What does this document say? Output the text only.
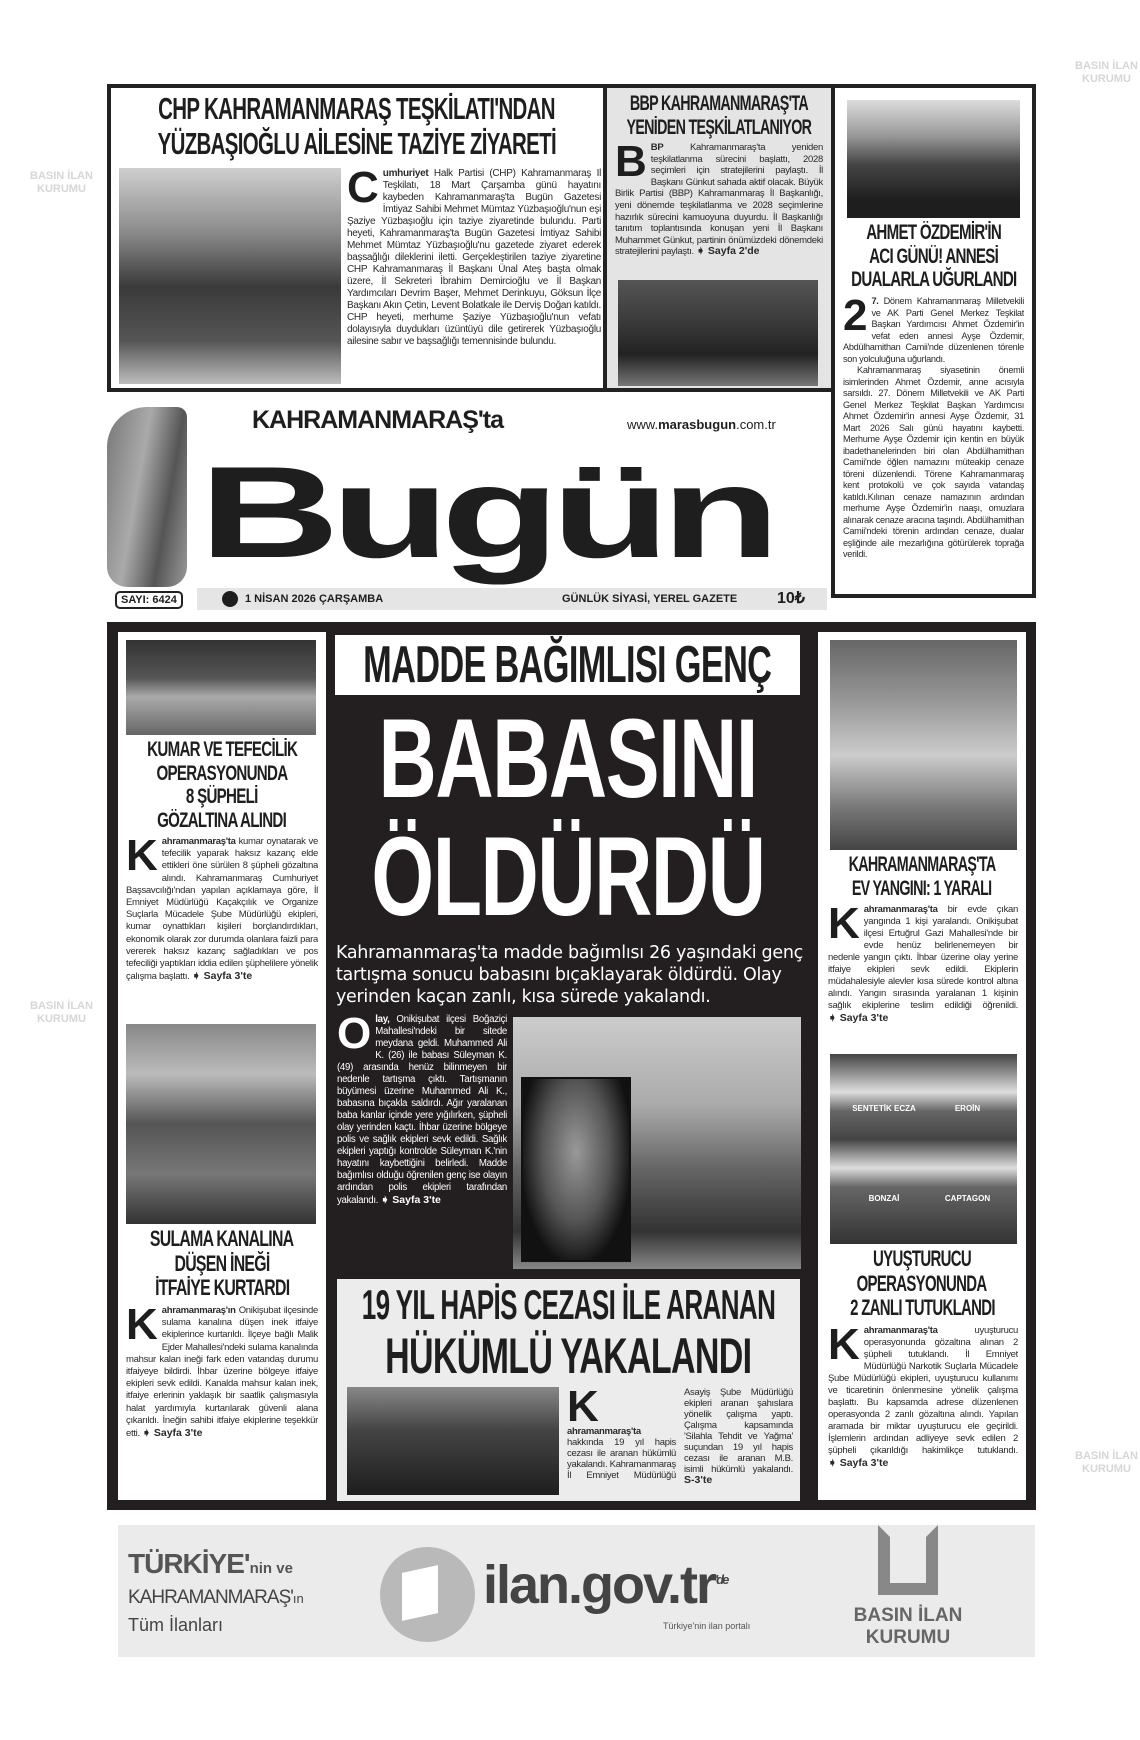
BASIN İLAN
KURUMU
BASIN İLAN
KURUMU
BASIN İLAN
KURUMU
BASIN İLAN
KURUMU
CHP KAHRAMANMARAŞ TEŞKİLATI'NDAN
YÜZBAŞIOĞLU AİLESİNE TAZİYE ZİYARETİ
Cumhuriyet Halk Partisi (CHP) Kahramanmaraş İl Teşkilatı, 18 Mart Çarşamba günü hayatını kaybeden Kahramanmaraş'ta Bugün Gazetesi İmtiyaz Sahibi Mehmet Mümtaz Yüzbaşıoğlu'nun eşi Şaziye Yüzbaşıoğlu için taziye ziyaretinde bulundu. Parti heyeti, Kahramanmaraş'ta Bugün Gazetesi İmtiyaz Sahibi Mehmet Mümtaz Yüzbaşıoğlu'nu gazetede ziyaret ederek başsağlığı dileklerini iletti. Gerçekleştirilen taziye ziyaretine CHP Kahramanmaraş İl Başkanı Ünal Ateş başta olmak üzere, İl Sekreteri İbrahim Demircioğlu ve İl Başkan Yardımcıları Devrim Başer, Mehmet Derinkuyu, Göksun İlçe Başkanı Akın Çetin, Levent Bolatkale ile Derviş Doğan katıldı. CHP heyeti, merhume Şaziye Yüzbaşıoğlu'nun vefatı dolayısıyla duydukları üzüntüyü dile getirerek Yüzbaşıoğlu ailesine sabır ve başsağlığı temennisinde bulundu.
BBP KAHRAMANMARAŞ'TA
YENİDEN TEŞKİLATLANIYOR
BBP Kahramanmaraş'ta yeniden teşkilatlanma sürecini başlattı, 2028 seçimleri için stratejilerini paylaştı. İl Başkanı Günkut sahada aktif olacak. Büyük Birlik Partisi (BBP) Kahramanmaraş İl Başkanlığı, yeni dönemde teşkilatlanma ve 2028 seçimlerine hazırlık sürecini kamuoyuna duyurdu. İl Başkanlığı tanıtım toplantısında konuşan yeni İl Başkanı Muhammet Günkut, partinin önümüzdeki dönemdeki stratejilerini paylaştı. ➧ Sayfa 2'de
AHMET ÖZDEMİR'İN
ACI GÜNÜ! ANNESİ
DUALARLA UĞURLANDI
2 7. Dönem Kahramanmaraş Milletvekili ve AK Parti Genel Merkez Teşkilat Başkan Yardımcısı Ahmet Özdemir'in vefat eden annesi Ayşe Özdemir, Abdülhamithan Camii'nde düzenlenen törenle son yolculuğuna uğurlandı.
Kahramanmaraş siyasetinin önemli isimlerinden Ahmet Özdemir, anne acısıyla sarsıldı. 27. Dönem Milletvekili ve AK Parti Genel Merkez Teşkilat Başkan Yardımcısı Ahmet Özdemir'in annesi Ayşe Özdemir, 31 Mart 2026 Salı günü hayatını kaybetti. Merhume Ayşe Özdemir için kentin en büyük ibadethanelerinden biri olan Abdülhamithan Camii'nde öğlen namazını müteakip cenaze töreni düzenlendi. Törene Kahramanmaraş kent protokolü ve çok sayıda vatandaş katıldı.Kılınan cenaze namazının ardından merhume Ayşe Özdemir'in naaşı, omuzlara alınarak cenaze aracına taşındı. Abdülhamithan Camii'ndeki törenin ardından cenaze, dualar eşliğinde aile mezarlığına götürülerek toprağa verildi.
SAYI: 6424
KAHRAMANMARAŞ'ta	www.marasbugun.com.tr
Bugün
1 NİSAN 2026 ÇARŞAMBA	GÜNLÜK SİYASİ, YEREL GAZETE 10₺
KUMAR VE TEFECİLİK
OPERASYONUNDA
8 ŞÜPHELİ
GÖZALTINA ALINDI
Kahramanmaraş'ta kumar oynatarak ve tefecilik yaparak haksız kazanç elde ettikleri öne sürülen 8 şüpheli gözaltına alındı. Kahramanmaraş Cumhuriyet Başsavcılığı'ndan yapılan açıklamaya göre, İl Emniyet Müdürlüğü Kaçakçılık ve Organize Suçlarla Mücadele Şube Müdürlüğü ekipleri, kumar oynattıkları kişileri borçlandırdıkları, ekonomik olarak zor durumda olanlara faizli para vererek haksız kazanç sağladıkları ve pos tefeciliği yaptıkları iddia edilen şüphelilere yönelik çalışma başlattı. ➧ Sayfa 3'te
SULAMA KANALINA
DÜŞEN İNEĞİ
İTFAİYE KURTARDI
Kahramanmaraş'ın Onikişubat ilçesinde sulama kanalına düşen inek itfaiye ekiplerince kurtarıldı. İlçeye bağlı Malik Ejder Mahallesi'ndeki sulama kanalında mahsur kalan ineği fark eden vatandaş durumu itfaiyeye bildirdi. İhbar üzerine bölgeye itfaiye ekipleri sevk edildi. Kanalda mahsur kalan inek, itfaiye erlerinin yaklaşık bir saatlik çalışmasıyla halat yardımıyla kurtarılarak güvenli alana çıkarıldı. İneğin sahibi itfaiye ekiplerine teşekkür etti. ➧ Sayfa 3'te
MADDE BAĞIMLISI GENÇ
BABASINI
ÖLDÜRDÜ
Kahramanmaraş'ta madde bağımlısı 26 yaşındaki genç tartışma sonucu babasını bıçaklayarak öldürdü. Olay yerinden kaçan zanlı, kısa sürede yakalandı.
Olay, Onikişubat ilçesi Boğaziçi Mahallesi'ndeki bir sitede meydana geldi. Muhammed Ali K. (26) ile babası Süleyman K. (49) arasında henüz bilinmeyen bir nedenle tartışma çıktı. Tartışmanın büyümesi üzerine Muhammed Ali K., babasına bıçakla saldırdı. Ağır yaralanan baba kanlar içinde yere yığılırken, şüpheli olay yerinden kaçtı. İhbar üzerine bölgeye polis ve sağlık ekipleri sevk edildi. Sağlık ekipleri yaptığı kontrolde Süleyman K.'nin hayatını kaybettiğini belirledi. Madde bağımlısı olduğu öğrenilen genç ise olayın ardından polis ekipleri tarafından yakalandı. ➧ Sayfa 3'te
19 YIL HAPİS CEZASI İLE ARANAN
HÜKÜMLÜ YAKALANDI
K
ahramanmaraş'ta hakkında 19 yıl hapis cezası ile aranan hükümlü yakalandı. Kahramanmaraş İl Emniyet Müdürlüğü Asayiş Şube Müdürlüğü ekipleri aranan şahıslara yönelik çalışma yaptı. Çalışma kapsamında 'Silahla Tehdit ve Yağma' suçundan 19 yıl hapis cezası ile aranan M.B. isimli hükümlü yakalandı. S-3'te
KAHRAMANMARAŞ'TA
EV YANGINI: 1 YARALI
Kahramanmaraş'ta bir evde çıkan yangında 1 kişi yaralandı. Onikişubat ilçesi Ertuğrul Gazi Mahallesi'nde bir evde henüz belirlenemeyen bir nedenle yangın çıktı. İhbar üzerine olay yerine itfaiye ekipleri sevk edildi. Ekiplerin müdahalesiyle alevler kısa sürede kontrol altına alındı. Yangın sırasında yaralanan 1 kişinin sağlık ekiplerine teslim edildiği öğrenildi. ➧ Sayfa 3'te
SENTETİK ECZA	EROİN
BONZAİ	CAPTAGON
UYUŞTURUCU
OPERASYONUNDA
2 ZANLI TUTUKLANDI
Kahramanmaraş'ta uyuşturucu operasyonunda gözaltına alınan 2 şüpheli tutuklandı. İl Emniyet Müdürlüğü Narkotik Suçlarla Mücadele Şube Müdürlüğü ekipleri, uyuşturucu kullanımı ve ticaretinin önlenmesine yönelik çalışma başlattı. Bu kapsamda adrese düzenlenen operasyonda 2 zanlı gözaltına alındı. Yapılan aramada bir miktar uyuşturucu ele geçirildi. İşlemlerin ardından adliyeye sevk edilen 2 şüpheli çıkarıldığı hakimlikçe tutuklandı. ➧ Sayfa 3'te
TÜRKİYE'nin ve
KAHRAMANMARAŞ'ın
Tüm İlanları
$ilan.gov.tr^{'de}$
Türkiye'nin ilan portalı	BASIN İLAN
KURUMU
